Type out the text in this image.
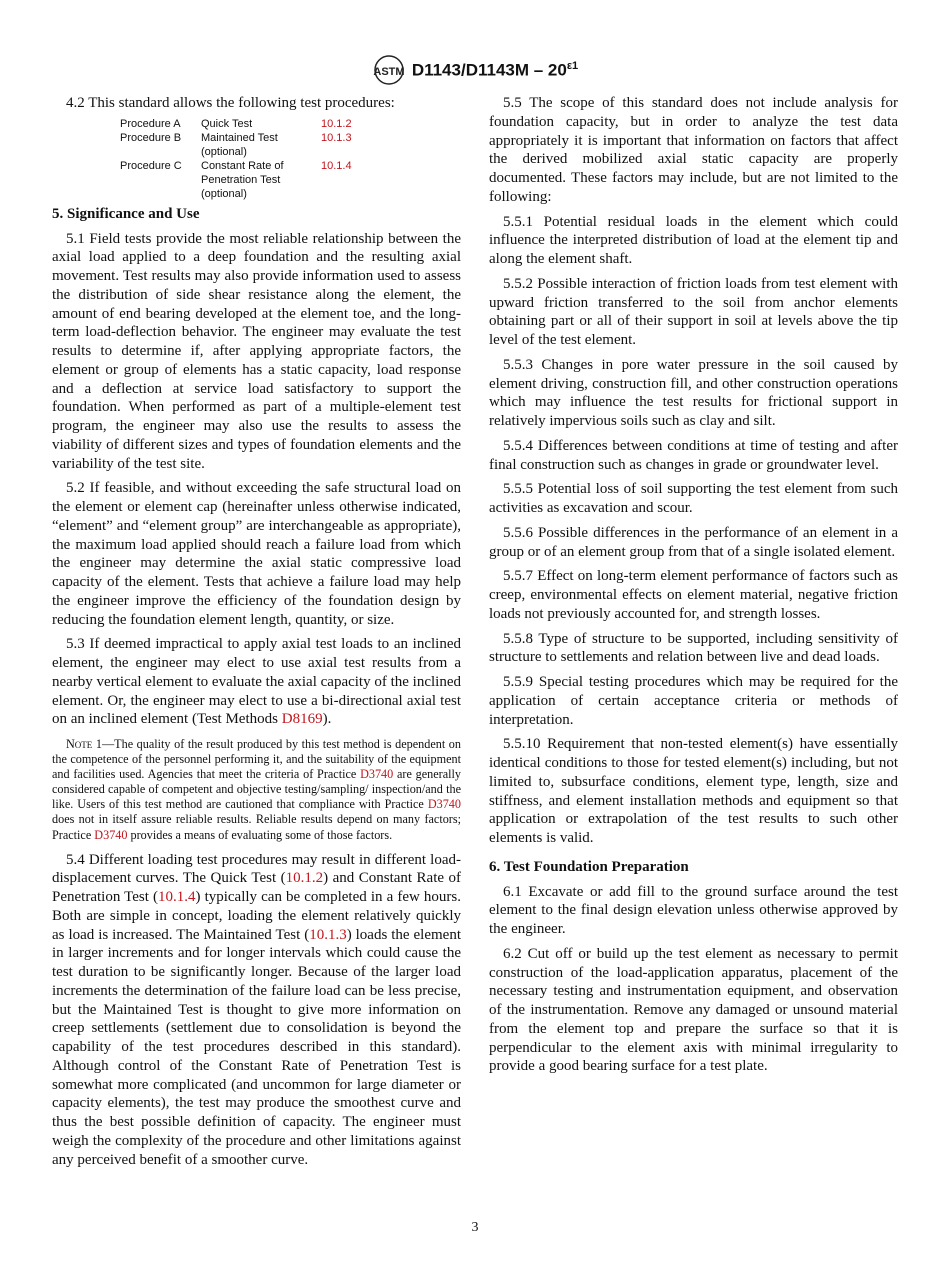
ASTM $D1143/D1143M - 20^{\varepsilon 1}$

4.2 This standard allows the following test procedures:

Procedure A	Quick Test	10.1.2
Procedure B	Maintained Test (optional)	10.1.3
Procedure C	Constant Rate of Penetration Test (optional)	10.1.4
5. Significance and Use

5.1 Field tests provide the most reliable relationship between the axial load applied to a deep foundation and the resulting axial movement. Test results may also provide information used to assess the distribution of side shear resistance along the element, the amount of end bearing developed at the element toe, and the long-term load-deflection behavior. The engineer may evaluate the test results to determine if, after applying appropriate factors, the element or group of elements has a static capacity, load response and a deflection at service load satisfactory to support the foundation. When performed as part of a multiple-element test program, the engineer may also use the results to assess the viability of different sizes and types of foundation elements and the variability of the test site.

5.2 If feasible, and without exceeding the safe structural load on the element or element cap (hereinafter unless otherwise indicated, “element” and “element group” are interchangeable as appropriate), the maximum load applied should reach a failure load from which the engineer may determine the axial static compressive load capacity of the element. Tests that achieve a failure load may help the engineer improve the efficiency of the foundation design by reducing the foundation element length, quantity, or size.

5.3 If deemed impractical to apply axial test loads to an inclined element, the engineer may elect to use axial test results from a nearby vertical element to evaluate the axial capacity of the inclined element. Or, the engineer may elect to use a bi-directional axial test on an inclined element (Test Methods D8169).

Note 1—The quality of the result produced by this test method is dependent on the competence of the personnel performing it, and the suitability of the equipment and facilities used. Agencies that meet the criteria of Practice D3740 are generally considered capable of competent and objective testing/sampling/ inspection/and the like. Users of this test method are cautioned that compliance with Practice D3740 does not in itself assure reliable results. Reliable results depend on many factors; Practice D3740 provides a means of evaluating some of those factors.

5.4 Different loading test procedures may result in different load-displacement curves. The Quick Test (10.1.2) and Constant Rate of Penetration Test (10.1.4) typically can be completed in a few hours. Both are simple in concept, loading the element relatively quickly as load is increased. The Maintained Test (10.1.3) loads the element in larger increments and for longer intervals which could cause the test duration to be significantly longer. Because of the larger load increments the determination of the failure load can be less precise, but the Maintained Test is thought to give more information on creep settlements (settlement due to consolidation is beyond the capability of the test procedures described in this standard). Although control of the Constant Rate of Penetration Test is somewhat more complicated (and uncommon for large diameter or capacity elements), the test may produce the smoothest curve and thus the best possible definition of capacity. The engineer must weigh the complexity of the procedure and other limitations against any perceived benefit of a smoother curve.

5.5 The scope of this standard does not include analysis for foundation capacity, but in order to analyze the test data appropriately it is important that information on factors that affect the derived mobilized axial static capacity are properly documented. These factors may include, but are not limited to the following:

5.5.1 Potential residual loads in the element which could influence the interpreted distribution of load at the element tip and along the element shaft.

5.5.2 Possible interaction of friction loads from test element with upward friction transferred to the soil from anchor elements obtaining part or all of their support in soil at levels above the tip level of the test element.

5.5.3 Changes in pore water pressure in the soil caused by element driving, construction fill, and other construction operations which may influence the test results for frictional support in relatively impervious soils such as clay and silt.

5.5.4 Differences between conditions at time of testing and after final construction such as changes in grade or groundwater level.

5.5.5 Potential loss of soil supporting the test element from such activities as excavation and scour.

5.5.6 Possible differences in the performance of an element in a group or of an element group from that of a single isolated element.

5.5.7 Effect on long-term element performance of factors such as creep, environmental effects on element material, negative friction loads not previously accounted for, and strength losses.

5.5.8 Type of structure to be supported, including sensitivity of structure to settlements and relation between live and dead loads.

5.5.9 Special testing procedures which may be required for the application of certain acceptance criteria or methods of interpretation.

5.5.10 Requirement that non-tested element(s) have essentially identical conditions to those for tested element(s) including, but not limited to, subsurface conditions, element type, length, size and stiffness, and element installation methods and equipment so that application or extrapolation of the test results to such other elements is valid.

6. Test Foundation Preparation

6.1 Excavate or add fill to the ground surface around the test element to the final design elevation unless otherwise approved by the engineer.

6.2 Cut off or build up the test element as necessary to permit construction of the load-application apparatus, placement of the necessary testing and instrumentation equipment, and observation of the instrumentation. Remove any damaged or unsound material from the element top and prepare the surface so that it is perpendicular to the element axis with minimal irregularity to provide a good bearing surface for a test plate.

3
